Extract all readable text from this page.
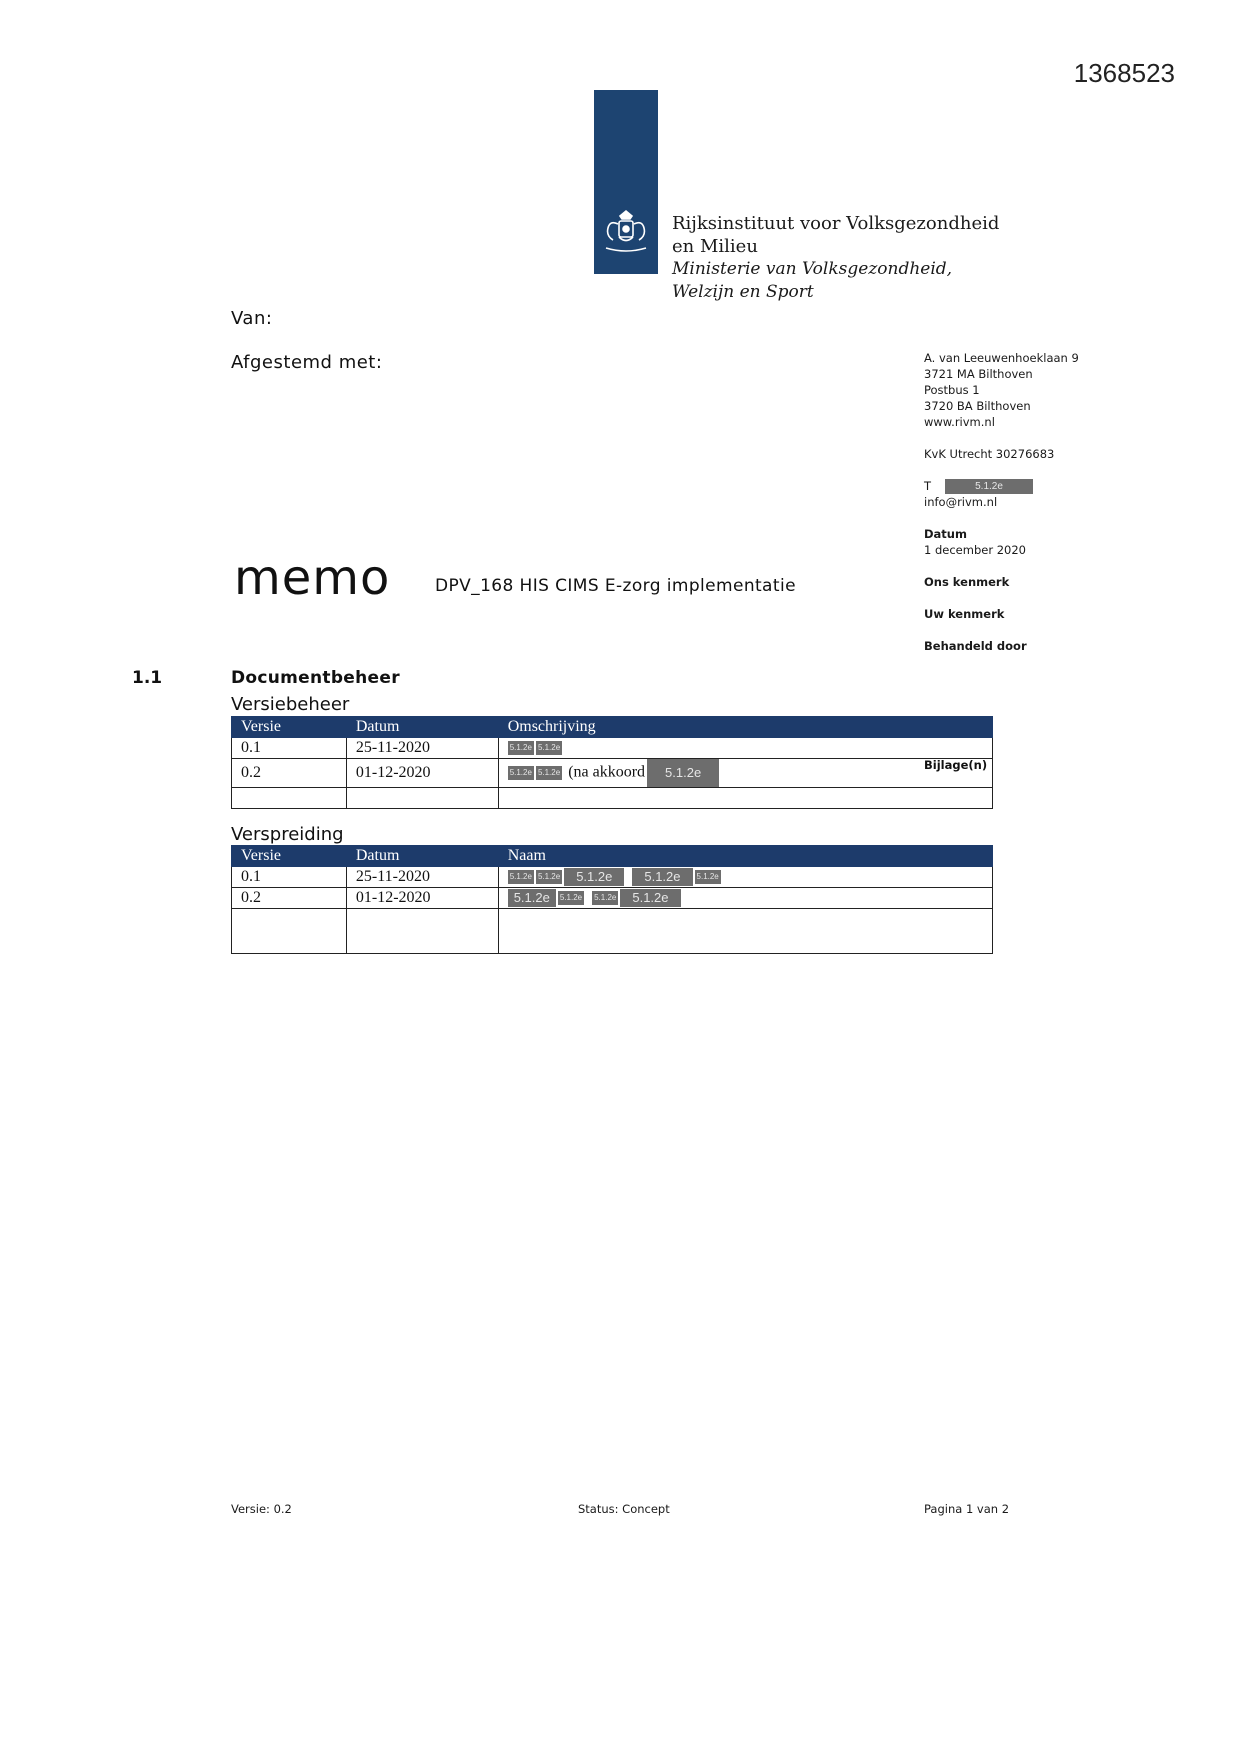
1368523
Rijksinstituut voor Volksgezondheid
en Milieu
Ministerie van Volksgezondheid,
Welzijn en Sport
Van:
Afgestemd met:	A. van Leeuwenhoeklaan 9
3721 MA Bilthoven
Postbus 1
3720 BA Bilthoven
www.rivm.nl
KvK Utrecht 30276683
T	5.1.2e
info@rivm.nl
Datum
1 december 2020
Ons kenmerk
Uw kenmerk
Behandeld door
memo	DPV_168 HIS CIMS E-zorg implementatie
1.1	Documentbeheer
Versiebeheer
Versie	Datum	Omschrijving
0.1	25-11-2020	5.1.2e 5.1.2e
0.2	01-12-2020	5.1.2e 5.1.2e (na akkoord 5.1.2e
			Bijlage(n)
Verspreiding
Versie	Datum	Naam
0.1	25-11-2020	5.1.2e 5.1.2e 5.1.2e 5.1.2e 5.1.2e
0.2	01-12-2020	5.1.2e 5.1.2e 5.1.2e 5.1.2e

Versie: 0.2	Status: Concept	Pagina 1 van 2
